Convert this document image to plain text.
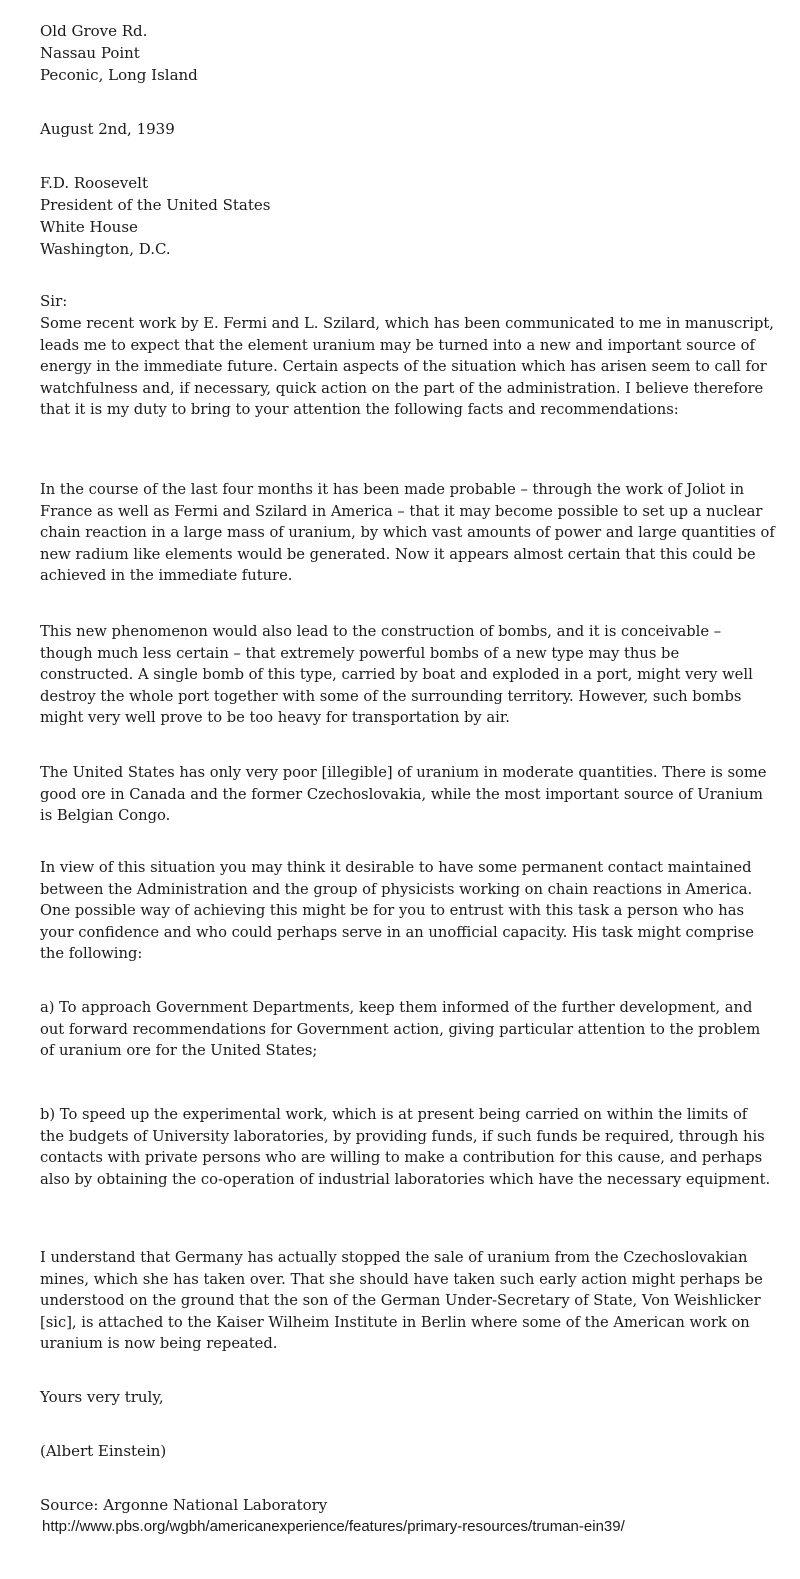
Old Grove Rd.
Nassau Point
Peconic, Long Island
August 2nd, 1939
F.D. Roosevelt
President of the United States
White House
Washington, D.C.
Sir:

Some recent work by E. Fermi and L. Szilard, which has been communicated to me in manuscript, leads me to expect that the element uranium may be turned into a new and important source of energy in the immediate future. Certain aspects of the situation which has arisen seem to call for watchfulness and, if necessary, quick action on the part of the administration. I believe therefore that it is my duty to bring to your attention the following facts and recommendations:

In the course of the last four months it has been made probable – through the work of Joliot in France as well as Fermi and Szilard in America – that it may become possible to set up a nuclear chain reaction in a large mass of uranium, by which vast amounts of power and large quantities of new radium like elements would be generated. Now it appears almost certain that this could be achieved in the immediate future.

This new phenomenon would also lead to the construction of bombs, and it is conceivable – though much less certain – that extremely powerful bombs of a new type may thus be constructed. A single bomb of this type, carried by boat and exploded in a port, might very well destroy the whole port together with some of the surrounding territory. However, such bombs might very well prove to be too heavy for transportation by air.

The United States has only very poor [illegible] of uranium in moderate quantities. There is some good ore in Canada and the former Czechoslovakia, while the most important source of Uranium is Belgian Congo.

In view of this situation you may think it desirable to have some permanent contact maintained between the Administration and the group of physicists working on chain reactions in America. One possible way of achieving this might be for you to entrust with this task a person who has your confidence and who could perhaps serve in an unofficial capacity. His task might comprise the following:

a) To approach Government Departments, keep them informed of the further development, and out forward recommendations for Government action, giving particular attention to the problem of uranium ore for the United States;

b) To speed up the experimental work, which is at present being carried on within the limits of the budgets of University laboratories, by providing funds, if such funds be required, through his contacts with private persons who are willing to make a contribution for this cause, and perhaps also by obtaining the co-operation of industrial laboratories which have the necessary equipment.

I understand that Germany has actually stopped the sale of uranium from the Czechoslovakian mines, which she has taken over. That she should have taken such early action might perhaps be understood on the ground that the son of the German Under-Secretary of State, Von Weishlicker [sic], is attached to the Kaiser Wilheim Institute in Berlin where some of the American work on uranium is now being repeated.

Yours very truly,
(Albert Einstein)
Source: Argonne National Laboratory
http://www.pbs.org/wgbh/americanexperience/features/primary-resources/truman-ein39/
